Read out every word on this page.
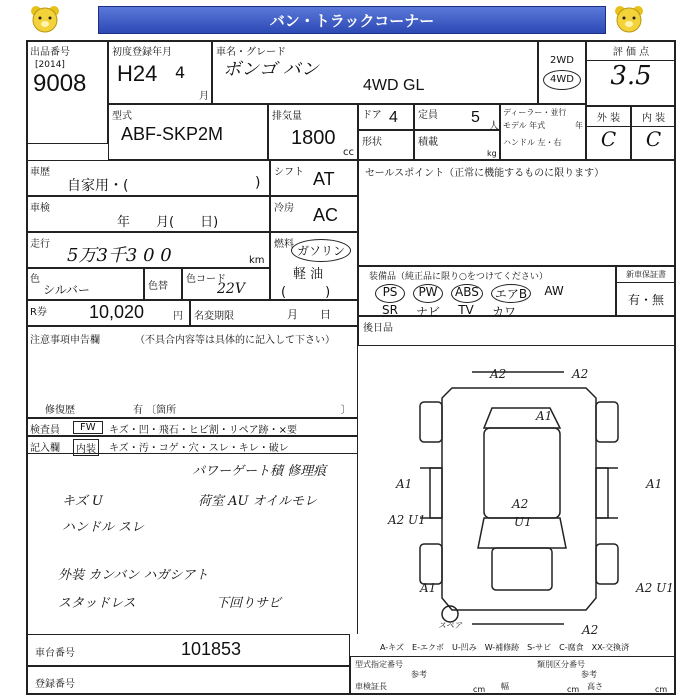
バン・トラックコーナー
出品番号
[2014]
9008
初度登録年月
H24 4
月
車名・グレード
ボンゴ バン
4WD GL
2WD
4WD
評 価 点
3.5
型式
ABF-SKP2M
排気量
1800
cc
ドア 4 定員 5
人
形状	積載
kg
ディーラー・並行
モデル 年式	年
ハンドル 左・右
外 装
C
内 装
C
車歴
自家用・(	)
シフト AT
車検
年　　月(　　日)
冷房 AC
走行
5万3千3 0 0	km
燃料 ガソリン
軽 油
(　　　)
色
シルバー	色替
色コード
22V
R券 10,020	円 名変期限	月　　日
セールスポイント（正常に機能するものに限ります）
装備品（純正品に限り○をつけてください）
PS	PW	ABS	エアB	AW
SR	ナビ	TV	カワ
新車保証書
有・無
後日品
注意事項申告欄	（不具合内容等は具体的に記入して下さい）
修復歴	有 〔箇所	〕
検査員	FW	キズ・凹・飛石・ヒビ割・リペア跡・×要
記入欄	内装	キズ・汚・コゲ・穴・スレ・キレ・破レ
パワーゲート積 修理痕
キズ U	荷室 AU オイルモレ
ハンドル スレ
外装 カンバン ハガシアト
スタッドレス	下回りサビ
A2	A2
A1
A1	A1
A2
U1
A2 U1
A1	A2 U1
A2
スペア
車台番号	101853
登録番号
A-キズ　E-エクボ　U-凹み　W-補修跡　S-サビ　C-腐食　XX-交換済
型式指定番号	類別区分番号
参考	参考
車検証長	cm 幅	cm 高さ	cm
